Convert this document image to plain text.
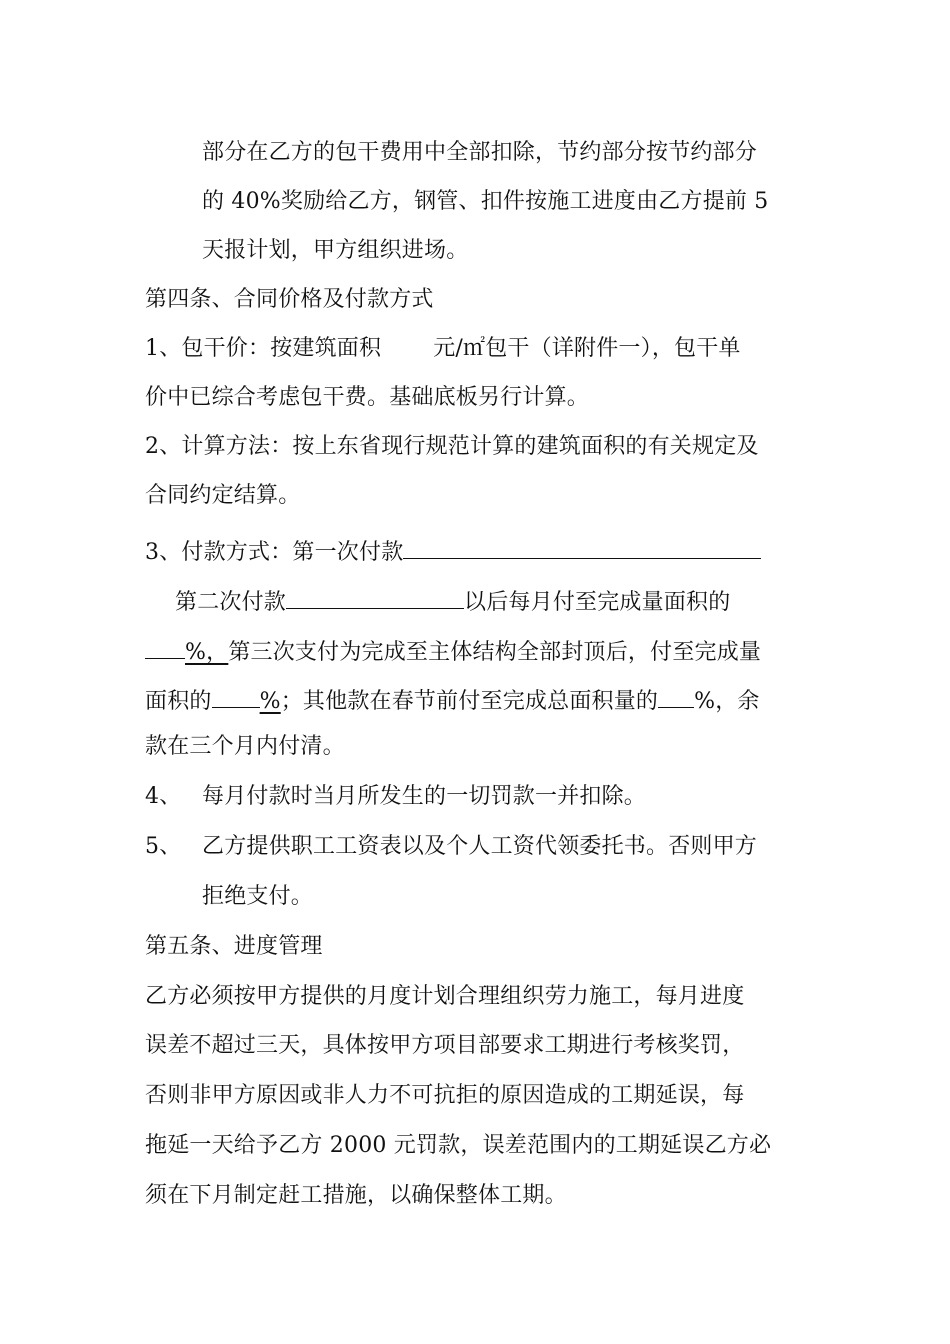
部分在乙方的包干费用中全部扣除，节约部分按节约部分
的 40%奖励给乙方，钢管、扣件按施工进度由乙方提前 5
天报计划，甲方组织进场。
第四条、合同价格及付款方式
1、包干价：按建筑面积 元/㎡包干（详附件一），包干单
价中已综合考虑包干费。基础底板另行计算。
2、计算方法：按上东省现行规范计算的建筑面积的有关规定及
合同约定结算。
3、付款方式：第一次付款
第二次付款	以后每月付至完成量面积的
%，第三次支付为完成至主体结构全部封顶后，付至完成量
面积的 %；其他款在春节前付至完成总面积量的 %，余
款在三个月内付清。
4、 每月付款时当月所发生的一切罚款一并扣除。
5、 乙方提供职工工资表以及个人工资代领委托书。否则甲方
拒绝支付。
第五条、进度管理
乙方必须按甲方提供的月度计划合理组织劳力施工，每月进度
误差不超过三天，具体按甲方项目部要求工期进行考核奖罚，
否则非甲方原因或非人力不可抗拒的原因造成的工期延误，每
拖延一天给予乙方 2000 元罚款，误差范围内的工期延误乙方必
须在下月制定赶工措施，以确保整体工期。
